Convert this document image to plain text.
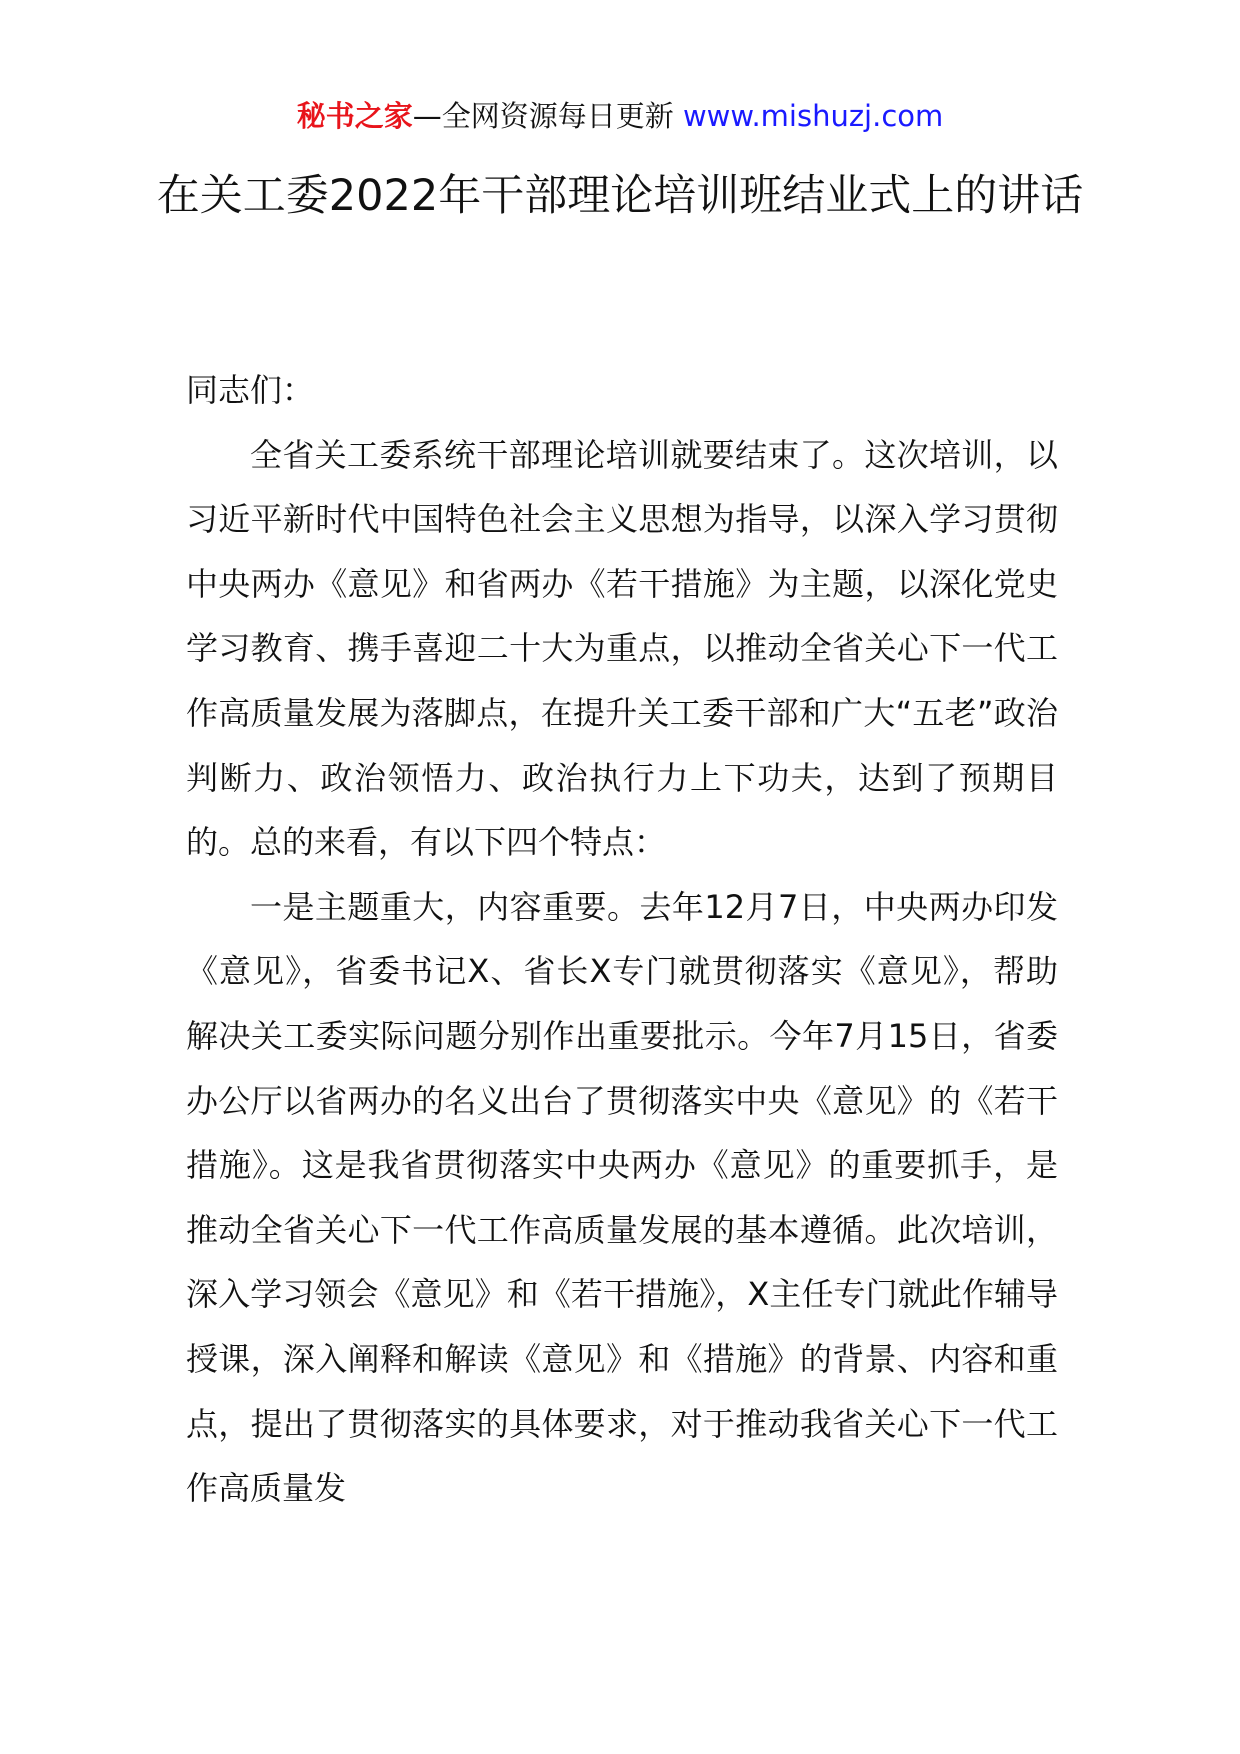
秘书之家—全网资源每日更新 www.mishuzj.com
在关工委2022年干部理论培训班结业式上的讲话

同志们：

全省关工委系统干部理论培训就要结束了。这次培训，以习近平新时代中国特色社会主义思想为指导，以深入学习贯彻中央两办《意见》和省两办《若干措施》为主题，以深化党史学习教育、携手喜迎二十大为重点，以推动全省关心下一代工作高质量发展为落脚点，在提升关工委干部和广大“五老”政治判断力、政治领悟力、政治执行力上下功夫，达到了预期目的。总的来看，有以下四个特点：

一是主题重大，内容重要。去年12月7日，中央两办印发《意见》，省委书记X、省长X专门就贯彻落实《意见》，帮助解决关工委实际问题分别作出重要批示。今年7月15日，省委办公厅以省两办的名义出台了贯彻落实中央《意见》的《若干措施》。这是我省贯彻落实中央两办《意见》的重要抓手，是推动全省关心下一代工作高质量发展的基本遵循。此次培训，深入学习领会《意见》和《若干措施》，X主任专门就此作辅导授课，深入阐释和解读《意见》和《措施》的背景、内容和重点，提出了贯彻落实的具体要求，对于推动我省关心下一代工作高质量发
